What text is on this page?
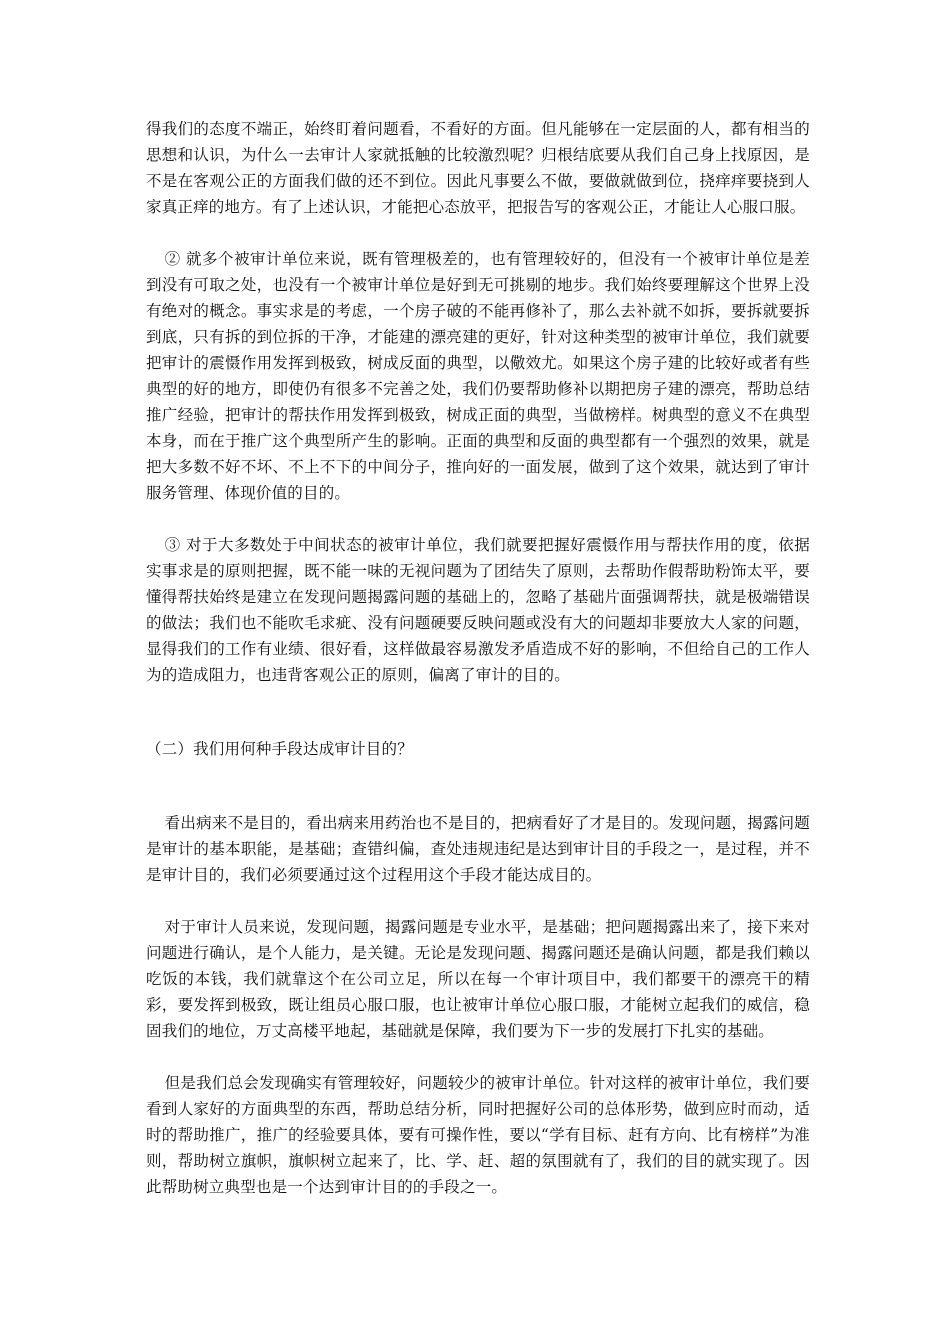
得我们的态度不端正，始终盯着问题看，不看好的方面。但凡能够在一定层面的人，都有相当的思想和认识，为什么一去审计人家就抵触的比较激烈呢？归根结底要从我们自己身上找原因，是不是在客观公正的方面我们做的还不到位。因此凡事要么不做，要做就做到位，挠痒痒要挠到人家真正痒的地方。有了上述认识，才能把心态放平，把报告写的客观公正，才能让人心服口服。

② 就多个被审计单位来说，既有管理极差的，也有管理较好的，但没有一个被审计单位是差到没有可取之处，也没有一个被审计单位是好到无可挑剔的地步。我们始终要理解这个世界上没有绝对的概念。事实求是的考虑，一个房子破的不能再修补了，那么去补就不如拆，要拆就要拆到底，只有拆的到位拆的干净，才能建的漂亮建的更好，针对这种类型的被审计单位，我们就要把审计的震慑作用发挥到极致，树成反面的典型，以儆效尤。如果这个房子建的比较好或者有些典型的好的地方，即使仍有很多不完善之处，我们仍要帮助修补以期把房子建的漂亮，帮助总结推广经验，把审计的帮扶作用发挥到极致，树成正面的典型，当做榜样。树典型的意义不在典型本身，而在于推广这个典型所产生的影响。正面的典型和反面的典型都有一个强烈的效果，就是把大多数不好不坏、不上不下的中间分子，推向好的一面发展，做到了这个效果，就达到了审计服务管理、体现价值的目的。

③ 对于大多数处于中间状态的被审计单位，我们就要把握好震慑作用与帮扶作用的度，依据实事求是的原则把握，既不能一味的无视问题为了团结失了原则，去帮助作假帮助粉饰太平，要懂得帮扶始终是建立在发现问题揭露问题的基础上的，忽略了基础片面强调帮扶，就是极端错误的做法；我们也不能吹毛求疵、没有问题硬要反映问题或没有大的问题却非要放大人家的问题，显得我们的工作有业绩、很好看，这样做最容易激发矛盾造成不好的影响，不但给自己的工作人为的造成阻力，也违背客观公正的原则，偏离了审计的目的。

（二）我们用何种手段达成审计目的？

看出病来不是目的，看出病来用药治也不是目的，把病看好了才是目的。发现问题，揭露问题是审计的基本职能，是基础；查错纠偏，查处违规违纪是达到审计目的手段之一，是过程，并不是审计目的，我们必须要通过这个过程用这个手段才能达成目的。

对于审计人员来说，发现问题，揭露问题是专业水平，是基础；把问题揭露出来了，接下来对问题进行确认，是个人能力，是关键。无论是发现问题、揭露问题还是确认问题，都是我们赖以吃饭的本钱，我们就靠这个在公司立足，所以在每一个审计项目中，我们都要干的漂亮干的精彩，要发挥到极致，既让组员心服口服，也让被审计单位心服口服，才能树立起我们的威信，稳固我们的地位，万丈高楼平地起，基础就是保障，我们要为下一步的发展打下扎实的基础。

但是我们总会发现确实有管理较好，问题较少的被审计单位。针对这样的被审计单位，我们要看到人家好的方面典型的东西，帮助总结分析，同时把握好公司的总体形势，做到应时而动，适时的帮助推广，推广的经验要具体，要有可操作性，要以“学有目标、赶有方向、比有榜样”为准则，帮助树立旗帜，旗帜树立起来了，比、学、赶、超的氛围就有了，我们的目的就实现了。因此帮助树立典型也是一个达到审计目的的手段之一。
